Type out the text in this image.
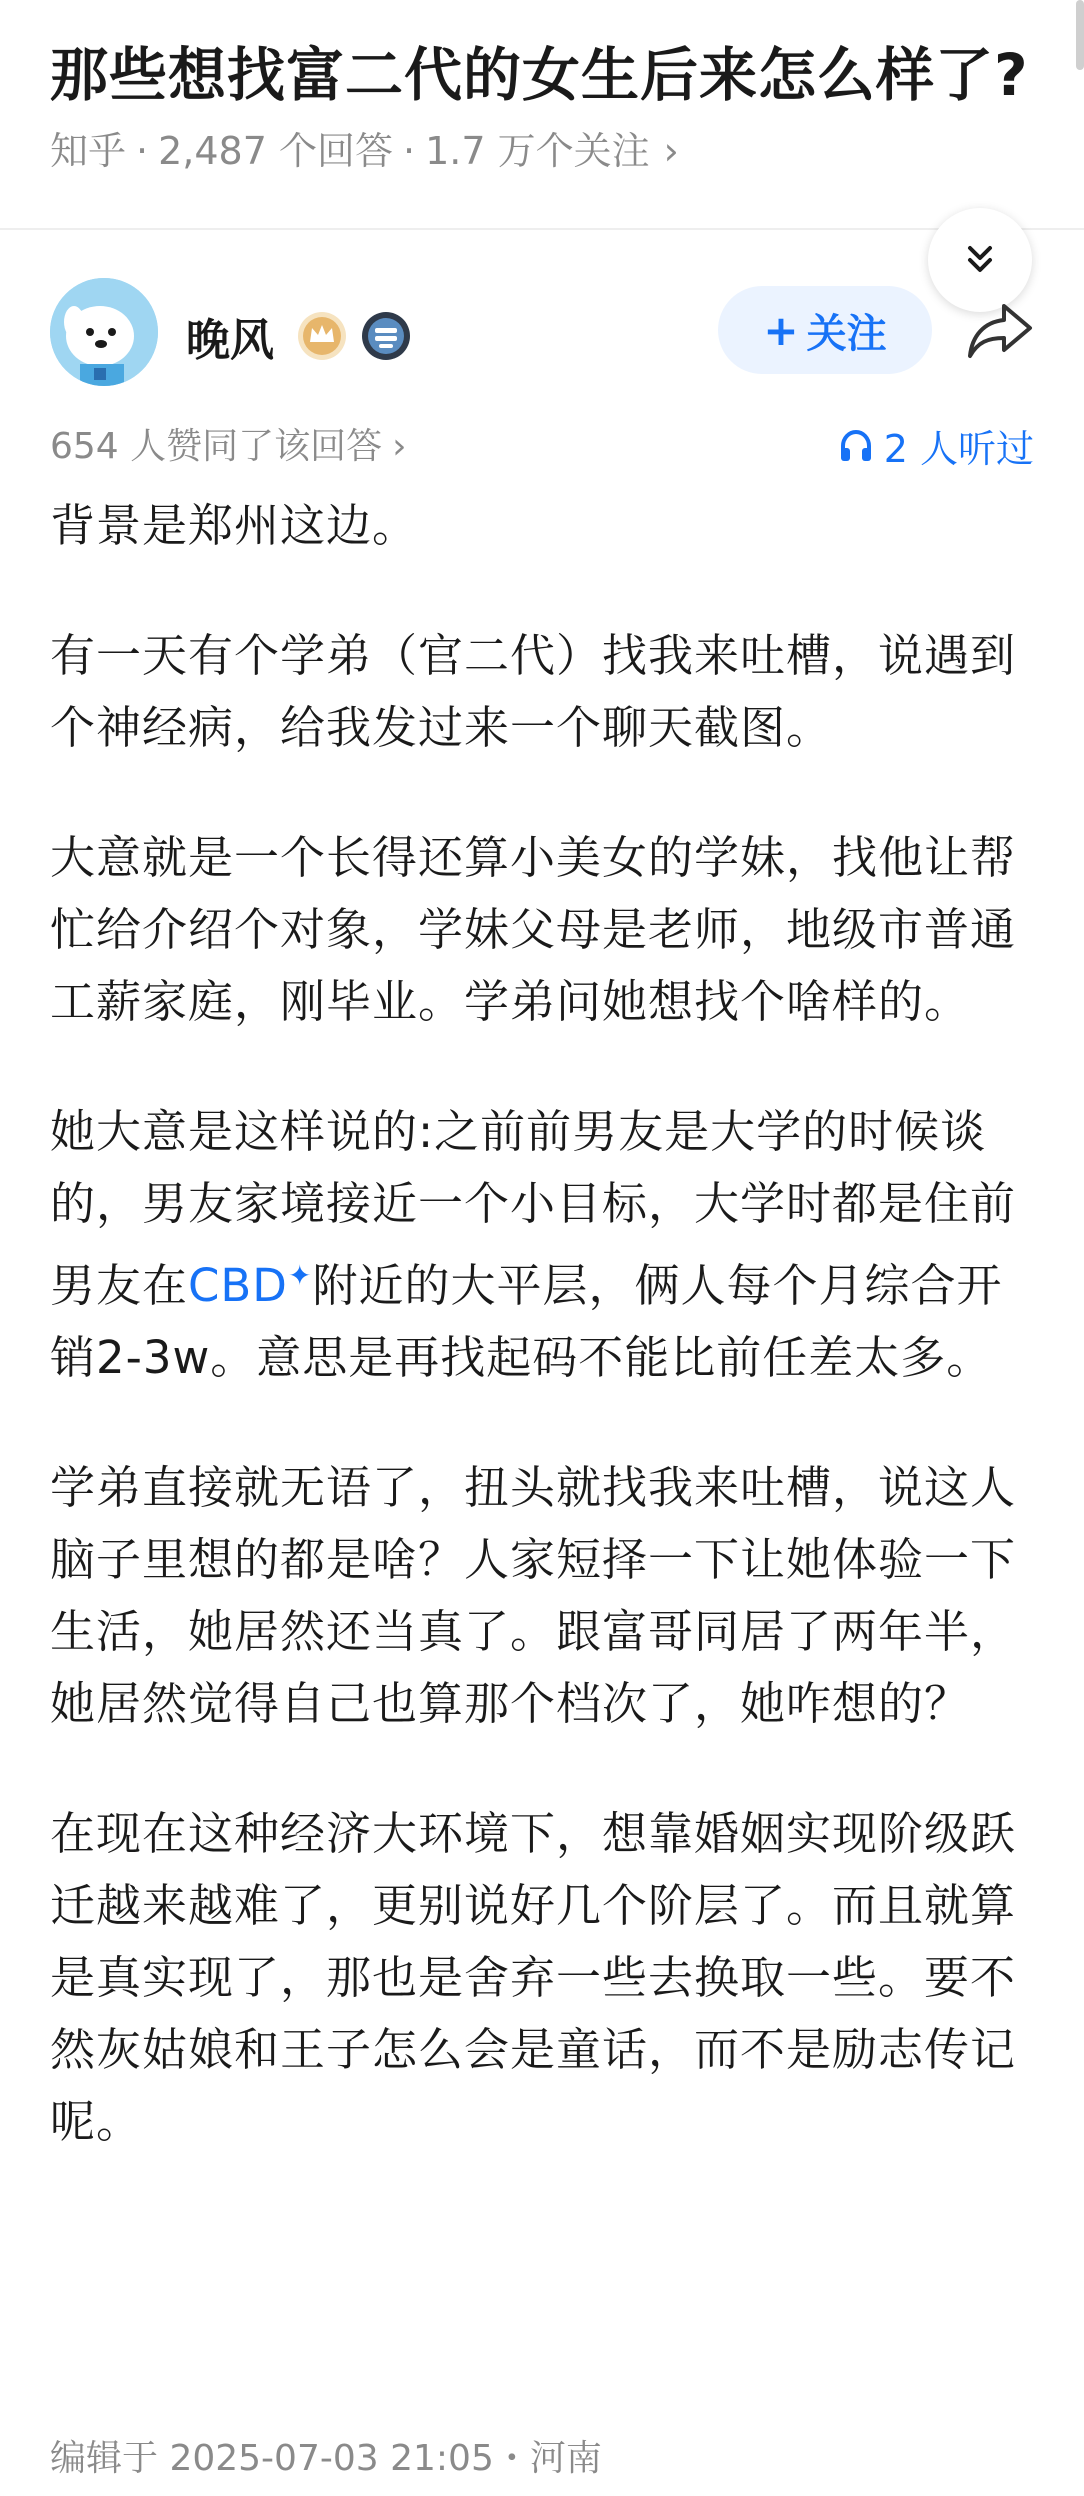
那些想找富二代的女生后来怎么样了?
知乎 · 2,487 个回答 · 1.7 万个关注 ›
晚风	+ 关注
654 人赞同了该回答 ›	2 人听过

背景是郑州这边。

有一天有个学弟（官二代）找我来吐槽，说遇到个神经病，给我发过来一个聊天截图。

大意就是一个长得还算小美女的学妹，找他让帮忙给介绍个对象，学妹父母是老师，地级市普通工薪家庭，刚毕业。学弟问她想找个啥样的。

她大意是这样说的:之前前男友是大学的时候谈的，男友家境接近一个小目标，大学时都是住前男友在CBD✦附近的大平层，俩人每个月综合开销2-3w。意思是再找起码不能比前任差太多。

学弟直接就无语了，扭头就找我来吐槽，说这人脑子里想的都是啥？人家短择一下让她体验一下生活，她居然还当真了。跟富哥同居了两年半，她居然觉得自己也算那个档次了，她咋想的？

在现在这种经济大环境下，想靠婚姻实现阶级跃迁越来越难了，更别说好几个阶层了。而且就算是真实现了，那也是舍弃一些去换取一些。要不然灰姑娘和王子怎么会是童话，而不是励志传记呢。

编辑于 2025-07-03 21:05・河南
